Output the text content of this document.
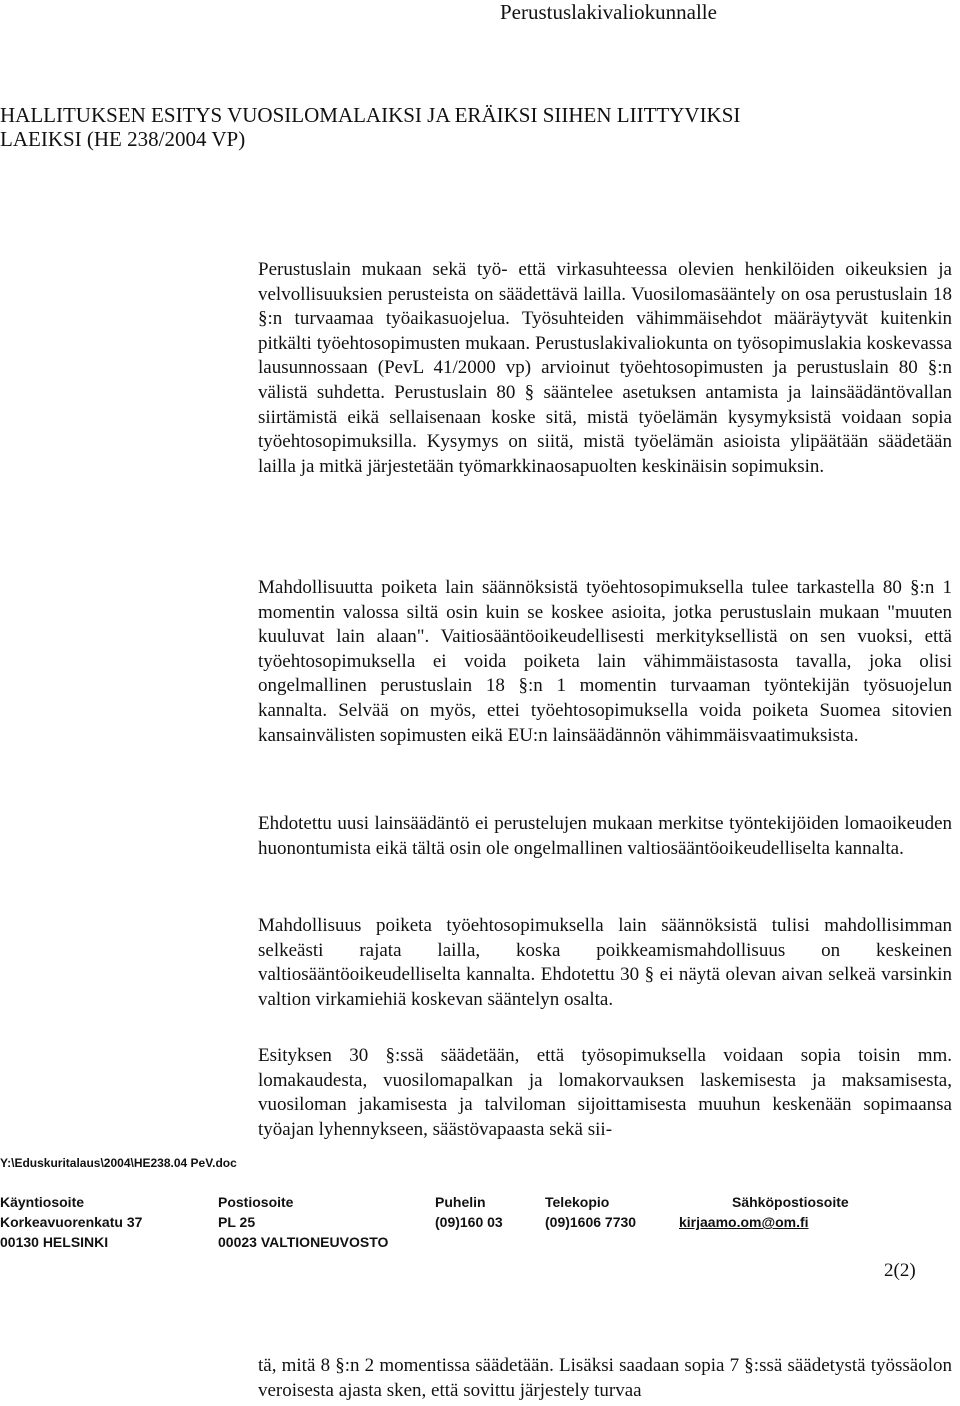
Perustuslakivaliokunnalle
HALLITUKSEN ESITYS VUOSILOMALAIKSI JA ERÄIKSI SIIHEN LIITTYVIKSI
LAEIKSI (HE 238/2004 VP)

Perustuslain mukaan sekä työ- että virkasuhteessa olevien henkilöiden oikeuksien ja velvollisuuksien perusteista on säädettävä lailla. Vuosilomasääntely on osa perustuslain 18 §:n turvaamaa työaikasuojelua. Työsuhteiden vähimmäisehdot määräytyvät kuitenkin pitkälti työehtosopimusten mukaan. Perustuslakivaliokunta on työsopimuslakia koskevassa lausunnossaan (PevL 41/2000 vp) arvioinut työehtosopimusten ja perustuslain 80 §:n välistä suhdetta. Perustuslain 80 § sääntelee asetuksen antamista ja lainsäädäntövallan siirtämistä eikä sellaisenaan koske sitä, mistä työelämän kysymyksistä voidaan sopia työehtosopimuksilla. Kysymys on siitä, mistä työelämän asioista ylipäätään säädetään lailla ja mitkä järjestetään työmarkkinaosapuolten keskinäisin sopimuksin.

Mahdollisuutta poiketa lain säännöksistä työehtosopimuksella tulee tarkastella 80 §:n 1 momentin valossa siltä osin kuin se koskee asioita, jotka perustuslain mukaan "muuten kuuluvat lain alaan". Vaitiosääntöoikeudellisesti merkityksellistä on sen vuoksi, että työehtosopimuksella ei voida poiketa lain vähimmäistasosta tavalla, joka olisi ongelmallinen perustuslain 18 §:n 1 momentin turvaaman työntekijän työsuojelun kannalta. Selvää on myös, ettei työehtosopimuksella voida poiketa Suomea sitovien kansainvälisten sopimusten eikä EU:n lainsäädännön vähimmäisvaatimuksista.

Ehdotettu uusi lainsäädäntö ei perustelujen mukaan merkitse työntekijöiden lomaoikeuden huonontumista eikä tältä osin ole ongelmallinen valtiosääntöoikeudelliselta kannalta.

Mahdollisuus poiketa työehtosopimuksella lain säännöksistä tulisi mahdollisimman selkeästi rajata lailla, koska poikkeamismahdollisuus on keskeinen valtiosääntöoikeudelliselta kannalta. Ehdotettu 30 § ei näytä olevan aivan selkeä varsinkin valtion virkamiehiä koskevan sääntelyn osalta.

Esityksen 30 §:ssä säädetään, että työsopimuksella voidaan sopia toisin mm. lomakaudesta, vuosilomapalkan ja lomakorvauksen laskemisesta ja maksamisesta, vuosiloman jakamisesta ja talviloman sijoittamisesta muuhun keskenään sopimaansa työajan lyhennykseen, säästövapaasta sekä sii-

Y:\Eduskuritalaus\2004\HE238.04 PeV.doc
Käyntiosoite
Korkeavuorenkatu 37
00130 HELSINKI
Postiosoite
PL 25
00023 VALTIONEUVOSTO
Puhelin
(09)160 03
Telekopio
(09)1606 7730
Sähköpostiosoite
kirjaamo.om@om.fi
2(2)

tä, mitä 8 §:n 2 momentissa säädetään. Lisäksi saadaan sopia 7 §:ssä säädetystä työssäolon veroisesta ajasta sken, että sovittu järjestely turvaa
